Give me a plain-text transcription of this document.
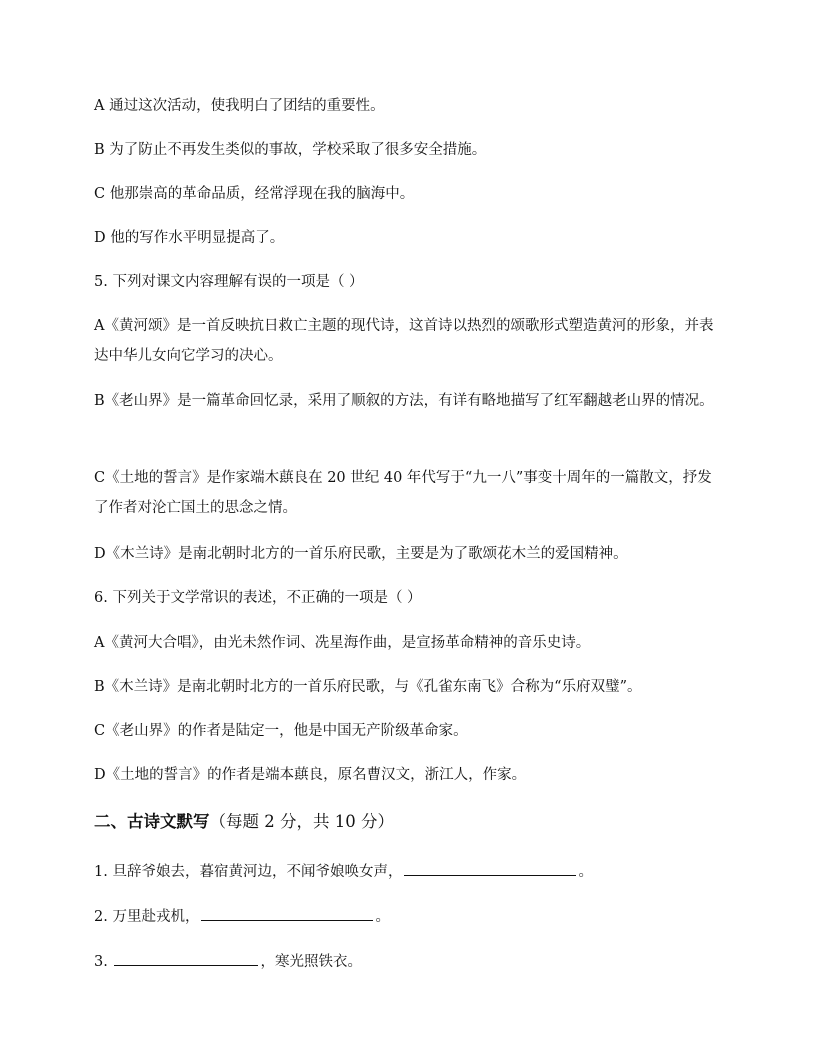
A 通过这次活动，使我明白了团结的重要性。
B 为了防止不再发生类似的事故，学校采取了很多安全措施。
C 他那崇高的革命品质，经常浮现在我的脑海中。
D 他的写作水平明显提高了。
5. 下列对课文内容理解有误的一项是（ ）
A《黄河颂》是一首反映抗日救亡主题的现代诗，这首诗以热烈的颂歌形式塑造黄河的形象，并表达中华儿女向它学习的决心。
B《老山界》是一篇革命回忆录，采用了顺叙的方法，有详有略地描写了红军翻越老山界的情况。
C《土地的誓言》是作家端木蕻良在 20 世纪 40 年代写于“九一八”事变十周年的一篇散文，抒发了作者对沦亡国土的思念之情。
D《木兰诗》是南北朝时北方的一首乐府民歌，主要是为了歌颂花木兰的爱国精神。
6. 下列关于文学常识的表述，不正确的一项是（ ）
A《黄河大合唱》，由光未然作词、冼星海作曲，是宣扬革命精神的音乐史诗。
B《木兰诗》是南北朝时北方的一首乐府民歌，与《孔雀东南飞》合称为“乐府双璧”。
C《老山界》的作者是陆定一，他是中国无产阶级革命家。
D《土地的誓言》的作者是端本蕻良，原名曹汉文，浙江人，作家。
二、古诗文默写（每题 2 分，共 10 分）
1. 旦辞爷娘去，暮宿黄河边，不闻爷娘唤女声，	。
2. 万里赴戎机，	。
3.	，寒光照铁衣。
